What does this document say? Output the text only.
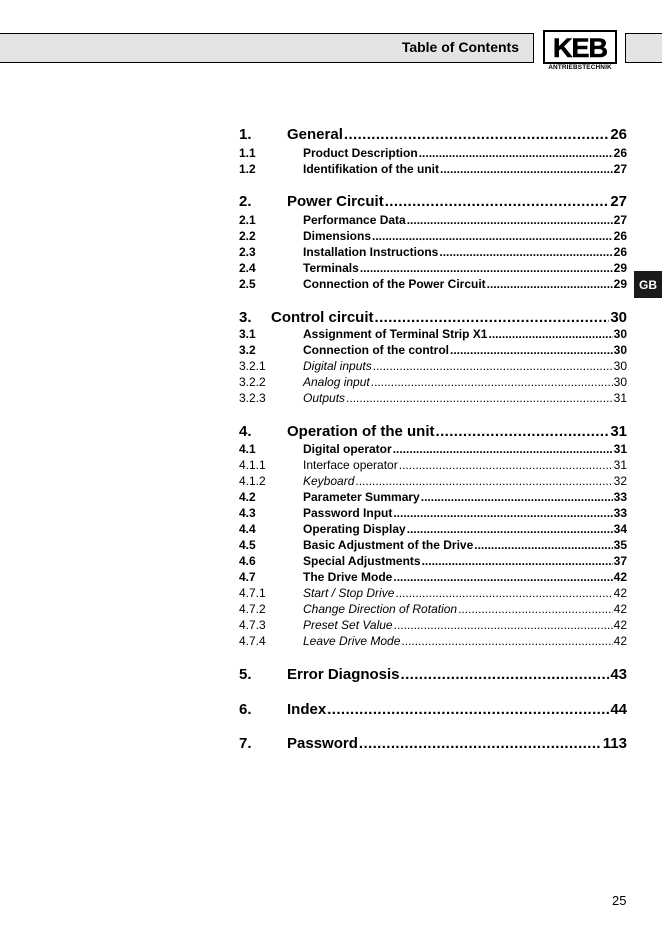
Table of Contents KEB
ANTRIEBSTECHNIK
GB
1.	General .....	26
1.1	Product Description .....	26
1.2	Identifikation of the unit .....	27
2.	Power Circuit .....	27
2.1	Performance Data .....	27
2.2	Dimensions .....	26
2.3	Installation Instructions .....	26
2.4	Terminals .....	29
2.5	Connection of the Power Circuit .....	29
3.	Control circuit .....	30
3.1	Assignment of Terminal Strip X1 .....	30
3.2	Connection of the control .....	30
3.2.1	Digital inputs .....	30
3.2.2	Analog input .....	30
3.2.3	Outputs .....	31
4.	Operation of the unit .....	31
4.1	Digital operator .....	31
4.1.1	Interface operator .....	31
4.1.2	Keyboard .....	32
4.2	Parameter Summary .....	33
4.3	Password Input .....	33
4.4	Operating Display .....	34
4.5	Basic Adjustment of the Drive .....	35
4.6	Special Adjustments .....	37
4.7	The Drive Mode .....	42
4.7.1	Start / Stop Drive .....	42
4.7.2	Change Direction of Rotation .....	42
4.7.3	Preset Set Value .....	42
4.7.4	Leave Drive Mode .....	42
5.	Error Diagnosis .....	43
6.	Index .....	44
7.	Password .....	113
25
